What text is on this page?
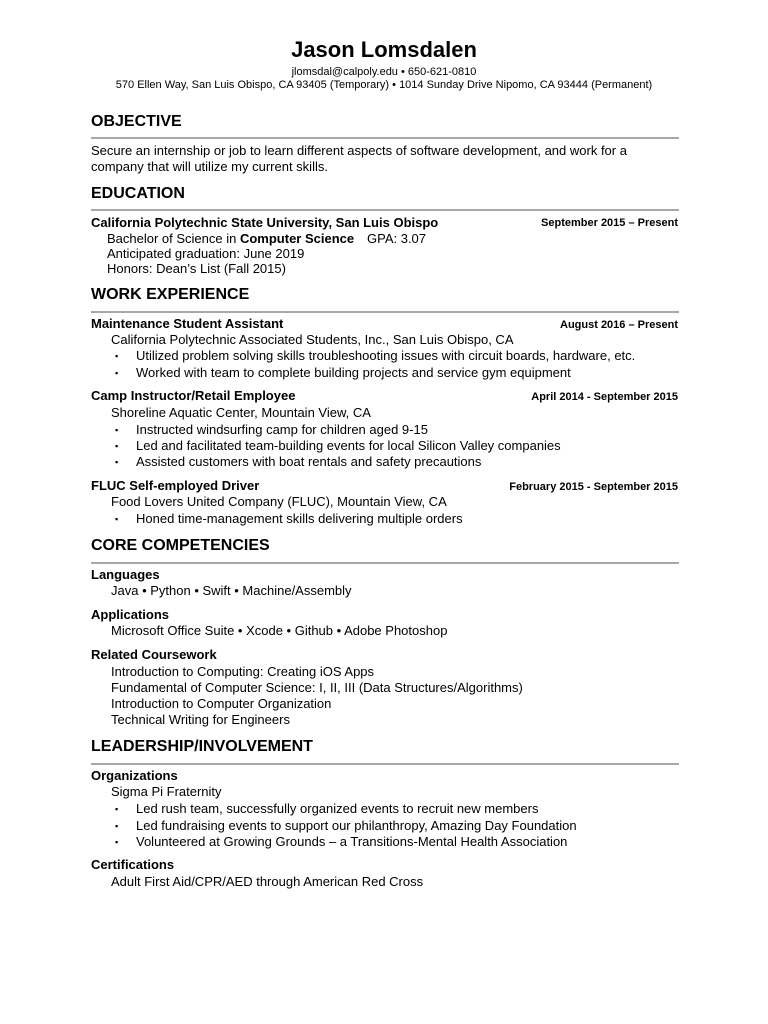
Jason Lomsdalen
jlomsdal@calpoly.edu • 650-621-0810
570 Ellen Way, San Luis Obispo, CA 93405 (Temporary) • 1014 Sunday Drive Nipomo, CA 93444 (Permanent)
OBJECTIVE
Secure an internship or job to learn different aspects of software development, and work for a
company that will utilize my current skills.
EDUCATION
California Polytechnic State University, San Luis Obispo	September 2015 – Present
Bachelor of Science in Computer Science GPA: 3.07
Anticipated graduation: June 2019
Honors: Dean’s List (Fall 2015)
WORK EXPERIENCE
Maintenance Student Assistant	August 2016 – Present
California Polytechnic Associated Students, Inc., San Luis Obispo, CA
▪ Utilized problem solving skills troubleshooting issues with circuit boards, hardware, etc.
▪ Worked with team to complete building projects and service gym equipment
Camp Instructor/Retail Employee	April 2014 - September 2015
Shoreline Aquatic Center, Mountain View, CA
▪ Instructed windsurfing camp for children aged 9-15
▪ Led and facilitated team-building events for local Silicon Valley companies
▪ Assisted customers with boat rentals and safety precautions
FLUC Self-employed Driver	February 2015 - September 2015
Food Lovers United Company (FLUC), Mountain View, CA
▪ Honed time-management skills delivering multiple orders
CORE COMPETENCIES
Languages
Java • Python • Swift • Machine/Assembly
Applications
Microsoft Office Suite • Xcode • Github • Adobe Photoshop
Related Coursework
Introduction to Computing: Creating iOS Apps
Fundamental of Computer Science: I, II, III (Data Structures/Algorithms)
Introduction to Computer Organization
Technical Writing for Engineers
LEADERSHIP/INVOLVEMENT
Organizations
Sigma Pi Fraternity
▪ Led rush team, successfully organized events to recruit new members
▪ Led fundraising events to support our philanthropy, Amazing Day Foundation
▪ Volunteered at Growing Grounds – a Transitions-Mental Health Association
Certifications
Adult First Aid/CPR/AED through American Red Cross
